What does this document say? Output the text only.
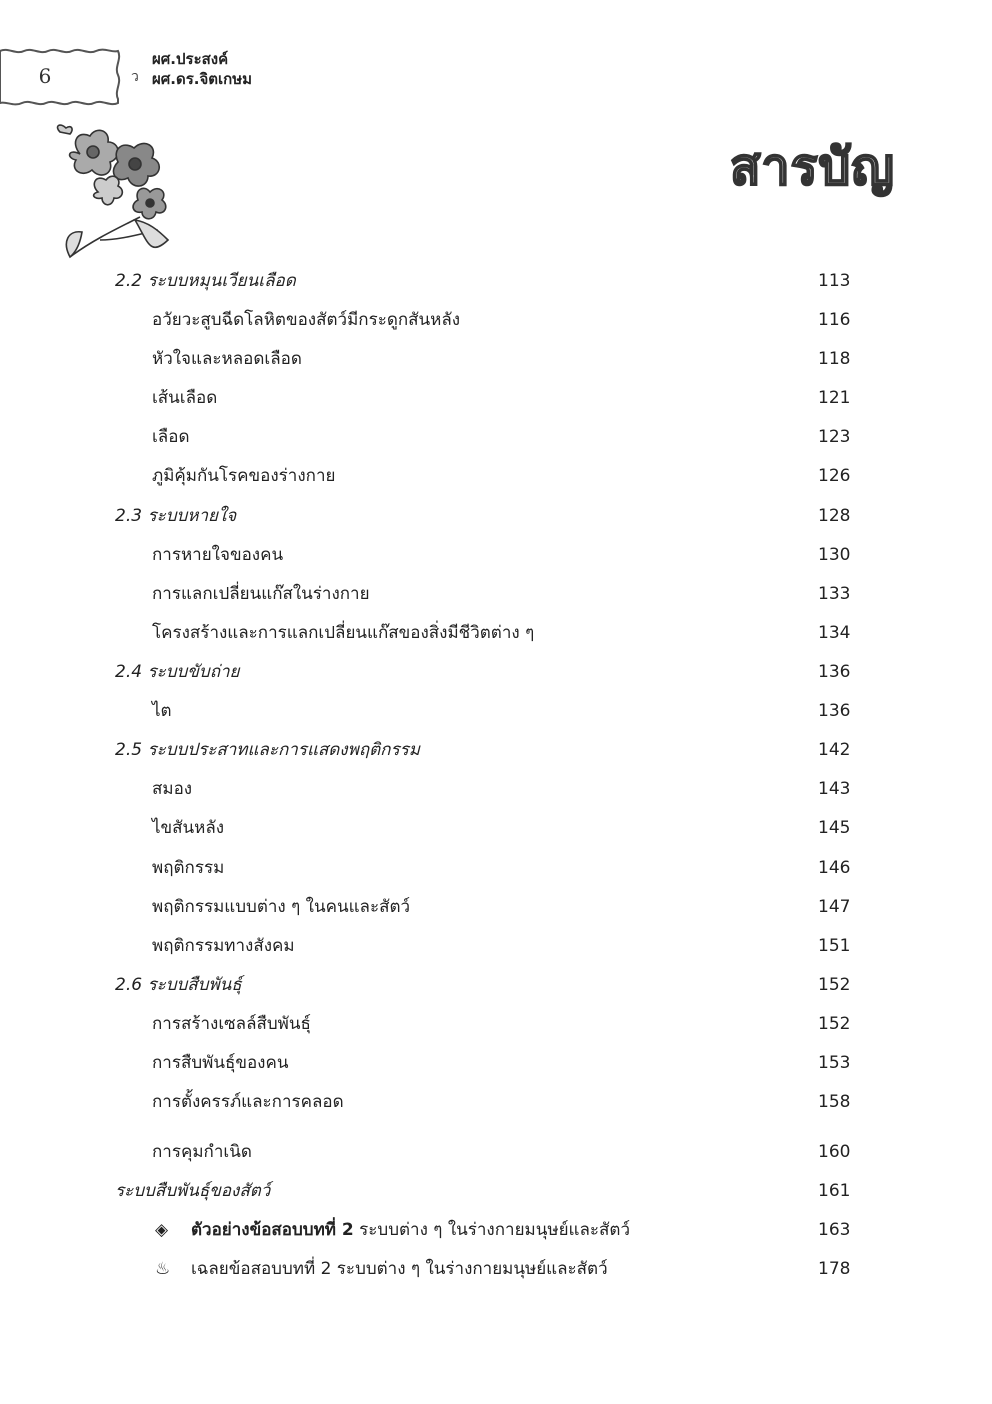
6	ว
ผศ.ประสงค์
ผศ.ดร.จิตเกษม
สารบัญ
2.2 ระบบหมุนเวียนเลือด	113
อวัยวะสูบฉีดโลหิตของสัตว์มีกระดูกสันหลัง	116
หัวใจและหลอดเลือด	118
เส้นเลือด	121
เลือด	123
ภูมิคุ้มกันโรคของร่างกาย	126
2.3 ระบบหายใจ	128
การหายใจของคน	130
การแลกเปลี่ยนแก๊สในร่างกาย	133
โครงสร้างและการแลกเปลี่ยนแก๊สของสิ่งมีชีวิตต่าง ๆ	134
2.4 ระบบขับถ่าย	136
ไต	136
2.5 ระบบประสาทและการแสดงพฤติกรรม	142
สมอง	143
ไขสันหลัง	145
พฤติกรรม	146
พฤติกรรมแบบต่าง ๆ ในคนและสัตว์	147
พฤติกรรมทางสังคม	151
2.6 ระบบสืบพันธุ์	152
การสร้างเซลล์สืบพันธุ์	152
การสืบพันธุ์ของคน	153
การตั้งครรภ์และการคลอด	158
การคุมกำเนิด	160
ระบบสืบพันธุ์ของสัตว์	161
◈ ตัวอย่างข้อสอบบทที่ 2 ระบบต่าง ๆ ในร่างกายมนุษย์และสัตว์	163
♨ เฉลยข้อสอบบทที่ 2 ระบบต่าง ๆ ในร่างกายมนุษย์และสัตว์	178
